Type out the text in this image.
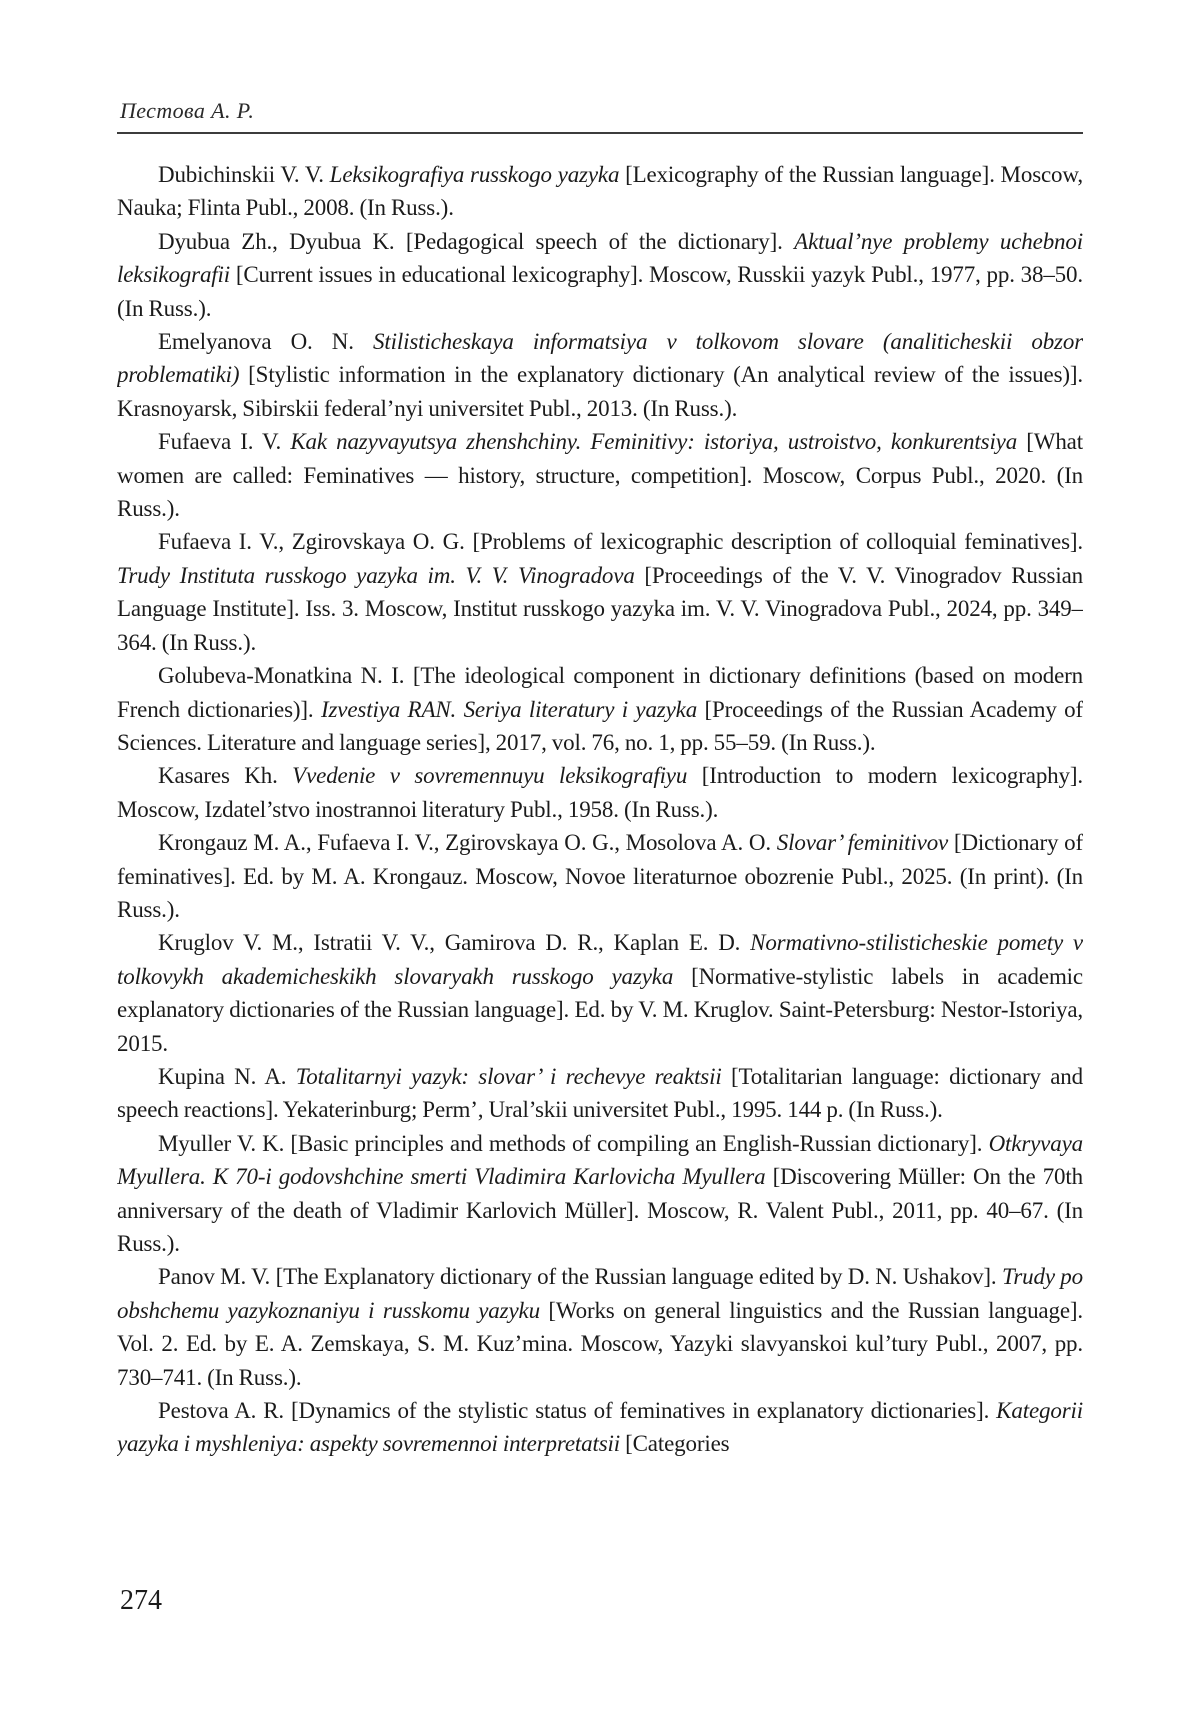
Пестова А. Р.

Dubichinskii V. V. Leksikografiya russkogo yazyka [Lexicography of the Russian language]. Moscow, Nauka; Flinta Publ., 2008. (In Russ.).

Dyubua Zh., Dyubua K. [Pedagogical speech of the dictionary]. Aktual’nye problemy uchebnoi leksikografii [Current issues in educational lexicography]. Moscow, Russkii yazyk Publ., 1977, pp. 38–50. (In Russ.).

Emelyanova O. N. Stilisticheskaya informatsiya v tolkovom slovare (analiticheskii obzor problematiki) [Stylistic information in the explanatory dictionary (An analytical review of the issues)]. Krasnoyarsk, Sibirskii federal’nyi universitet Publ., 2013. (In Russ.).

Fufaeva I. V. Kak nazyvayutsya zhenshchiny. Feminitivy: istoriya, ustroistvo, konkurentsiya [What women are called: Feminatives — history, structure, competition]. Moscow, Corpus Publ., 2020. (In Russ.).

Fufaeva I. V., Zgirovskaya O. G. [Problems of lexicographic description of colloquial feminatives]. Trudy Instituta russkogo yazyka im. V. V. Vinogradova [Proceedings of the V. V. Vinogradov Russian Language Institute]. Iss. 3. Moscow, Institut russkogo yazyka im. V. V. Vinogradova Publ., 2024, pp. 349–364. (In Russ.).

Golubeva-Monatkina N. I. [The ideological component in dictionary definitions (based on modern French dictionaries)]. Izvestiya RAN. Seriya literatury i yazyka [Proceedings of the Russian Academy of Sciences. Literature and language series], 2017, vol. 76, no. 1, pp. 55–59. (In Russ.).

Kasares Kh. Vvedenie v sovremennuyu leksikografiyu [Introduction to modern lexicography]. Moscow, Izdatel’stvo inostrannoi literatury Publ., 1958. (In Russ.).

Krongauz M. A., Fufaeva I. V., Zgirovskaya O. G., Mosolova A. O. Slovar’ feminitivov [Dictionary of feminatives]. Ed. by M. A. Krongauz. Moscow, Novoe literaturnoe obozrenie Publ., 2025. (In print). (In Russ.).

Kruglov V. M., Istratii V. V., Gamirova D. R., Kaplan E. D. Normativno-stilisticheskie pomety v tolkovykh akademicheskikh slovaryakh russkogo yazyka [Normative-stylistic labels in academic explanatory dictionaries of the Russian language]. Ed. by V. M. Kruglov. Saint-Petersburg: Nestor-Istoriya, 2015.

Kupina N. A. Totalitarnyi yazyk: slovar’ i rechevye reaktsii [Totalitarian language: dictionary and speech reactions]. Yekaterinburg; Perm’, Ural’skii universitet Publ., 1995. 144 p. (In Russ.).

Myuller V. K. [Basic principles and methods of compiling an English-Russian dictionary]. Otkryvaya Myullera. K 70-i godovshchine smerti Vladimira Karlovicha Myullera [Discovering Müller: On the 70th anniversary of the death of Vladimir Karlovich Müller]. Moscow, R. Valent Publ., 2011, pp. 40–67. (In Russ.).

Panov M. V. [The Explanatory dictionary of the Russian language edited by D. N. Ushakov]. Trudy po obshchemu yazykoznaniyu i russkomu yazyku [Works on general linguistics and the Russian language]. Vol. 2. Ed. by E. A. Zemskaya, S. M. Kuz’mina. Moscow, Yazyki slavyanskoi kul’tury Publ., 2007, pp. 730–741. (In Russ.).

Pestova A. R. [Dynamics of the stylistic status of feminatives in explanatory dictionaries]. Kategorii yazyka i myshleniya: aspekty sovremennoi interpretatsii [Categories

274
